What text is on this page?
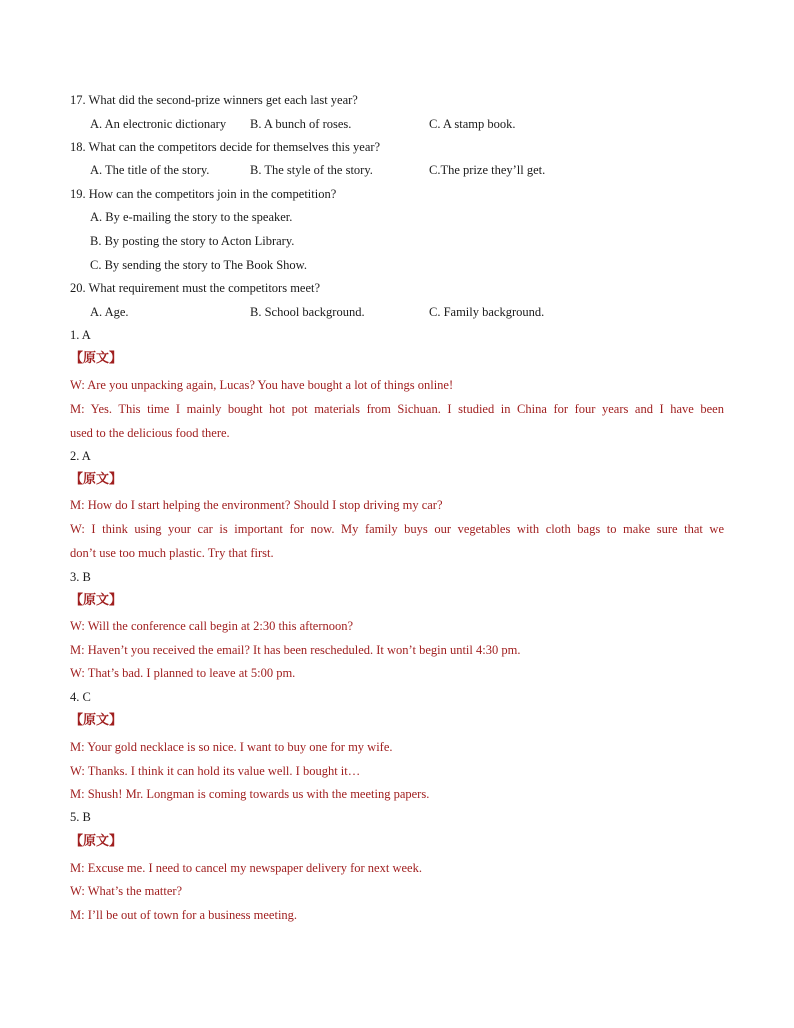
17. What did the second-prize winners get each last year?
A. An electronic dictionary B. A bunch of roses.	C. A stamp book.
18. What can the competitors decide for themselves this year?
A. The title of the story.	B. The style of the story.	C.The prize they’ll get.
19. How can the competitors join in the competition?
A. By e-mailing the story to the speaker.
B. By posting the story to Acton Library.
C. By sending the story to The Book Show.
20. What requirement must the competitors meet?
A. Age.	B. School background.	C. Family background.
1. A
【原文】
W: Are you unpacking again, Lucas? You have bought a lot of things online!
M: Yes. This time I mainly bought hot pot materials from Sichuan. I studied in China for four years and I have been
used to the delicious food there.
2. A
【原文】
M: How do I start helping the environment? Should I stop driving my car?
W: I think using your car is important for now. My family buys our vegetables with cloth bags to make sure that we
don’t use too much plastic. Try that first.
3. B
【原文】
W: Will the conference call begin at 2:30 this afternoon?
M: Haven’t you received the email? It has been rescheduled. It won’t begin until 4:30 pm.
W: That’s bad. I planned to leave at 5:00 pm.
4. C
【原文】
M: Your gold necklace is so nice. I want to buy one for my wife.
W: Thanks. I think it can hold its value well. I bought it…
M: Shush! Mr. Longman is coming towards us with the meeting papers.
5. B
【原文】
M: Excuse me. I need to cancel my newspaper delivery for next week.
W: What’s the matter?
M: I’ll be out of town for a business meeting.
